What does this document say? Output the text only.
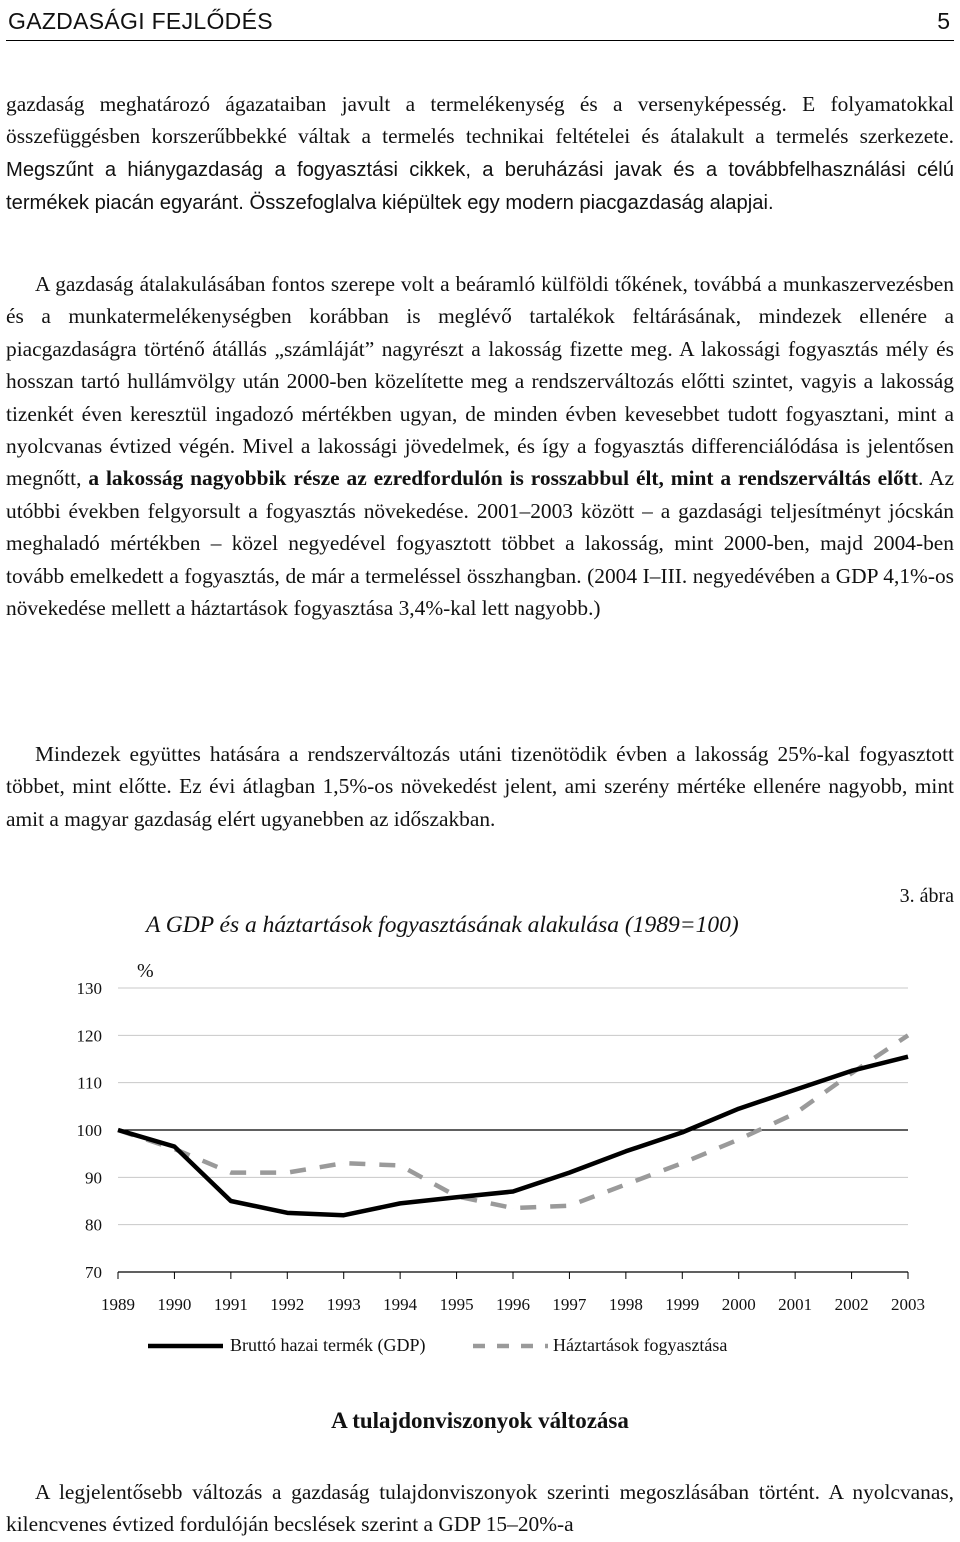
GAZDASÁGI FEJLŐDÉS	5

gazdaság meghatározó ágazataiban javult a termelékenység és a versenyképesség. E folyamatokkal összefüggésben korszerűbbekké váltak a termelés technikai feltételei és átalakult a termelés szerkezete. Megszűnt a hiánygazdaság a fogyasztási cikkek, a beruházási javak és a továbbfelhasználási célú termékek piacán egyaránt. Összefoglalva kiépültek egy modern piacgazdaság alapjai.

A gazdaság átalakulásában fontos szerepe volt a beáramló külföldi tőkének, továbbá a munkaszervezésben és a munkatermelékenységben korábban is meglévő tartalékok feltárásának, mindezek ellenére a piacgazdaságra történő átállás „számláját” nagyrészt a lakosság fizette meg. A lakossági fogyasztás mély és hosszan tartó hullámvölgy után 2000-ben közelítette meg a rendszerváltozás előtti szintet, vagyis a lakosság tizenkét éven keresztül ingadozó mértékben ugyan, de minden évben kevesebbet tudott fogyasztani, mint a nyolcvanas évtized végén. Mivel a lakossági jövedelmek, és így a fogyasztás differenciálódása is jelentősen megnőtt, a lakosság nagyobbik része az ezredfordulón is rosszabbul élt, mint a rendszerváltás előtt. Az utóbbi években felgyorsult a fogyasztás növekedése. 2001–2003 között – a gazdasági teljesítményt jócskán meghaladó mértékben – közel negyedével fogyasztott többet a lakosság, mint 2000-ben, majd 2004-ben tovább emelkedett a fogyasztás, de már a termeléssel összhangban. (2004 I–III. negyedévében a GDP 4,1%-os növekedése mellett a háztartások fogyasztása 3,4%-kal lett nagyobb.)

Mindezek együttes hatására a rendszerváltozás utáni tizenötödik évben a lakosság 25%-kal fogyasztott többet, mint előtte. Ez évi átlagban 1,5%-os növekedést jelent, ami szerény mértéke ellenére nagyobb, mint amit a magyar gazdaság elért ugyanebben az időszakban.

3. ábra
A GDP és a háztartások fogyasztásának alakulása (1989=100)
%
130
120
110
100
90
80
70
1989 1990 1991 1992 1993 1994 1995 1996 1997 1998 1999 2000 2001 2002 2003
Bruttó hazai termék (GDP)	Háztartások fogyasztása
A tulajdonviszonyok változása

A legjelentősebb változás a gazdaság tulajdonviszonyok szerinti megoszlásában történt. A nyolcvanas, kilencvenes évtized fordulóján becslések szerint a GDP 15–20%-a
